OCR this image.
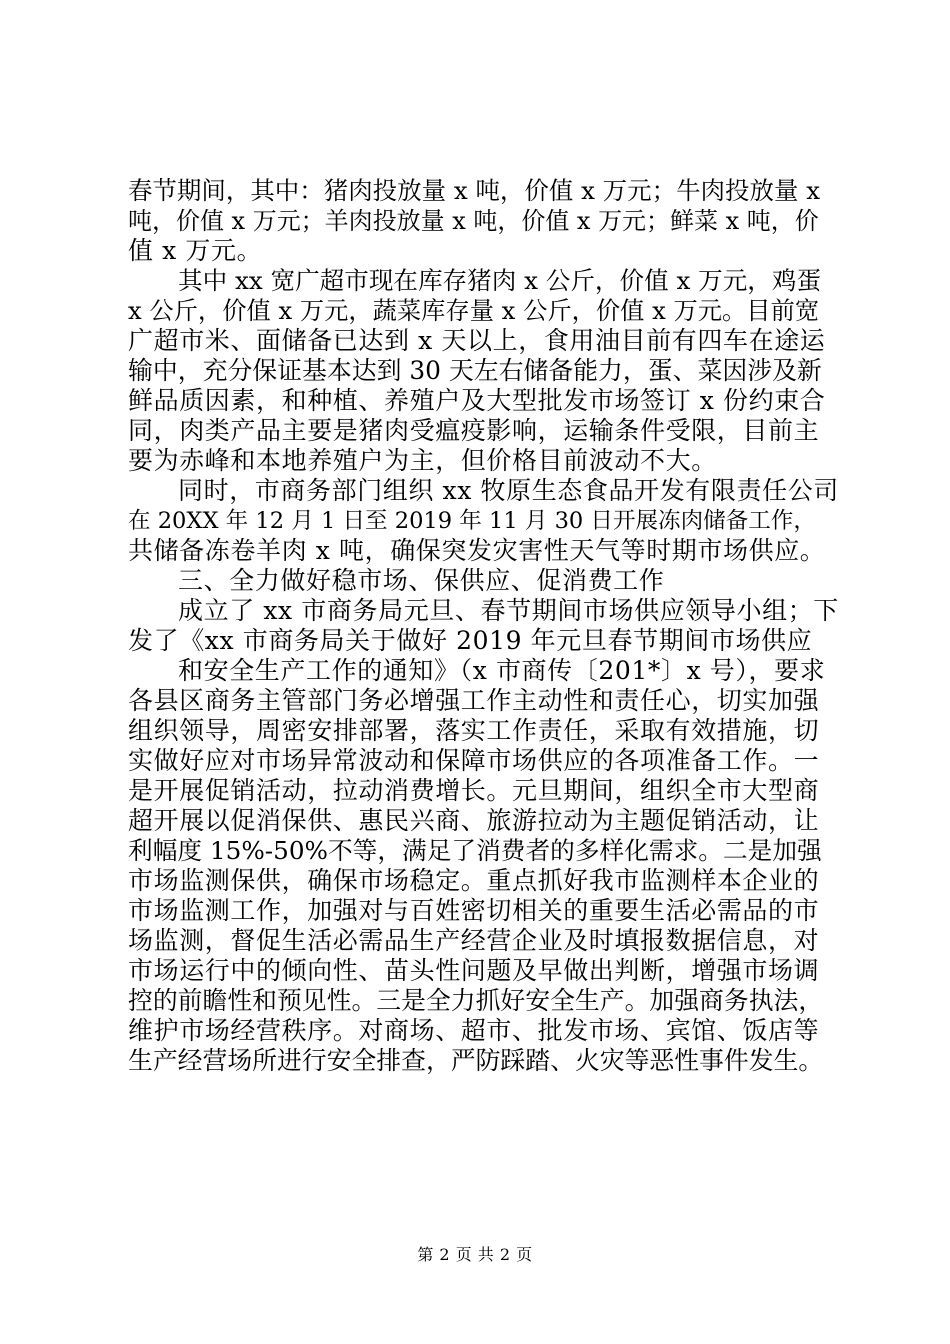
春节期间，其中：猪肉投放量 x 吨，价值 x 万元；牛肉投放量 x
吨，价值 x 万元；羊肉投放量 x 吨，价值 x 万元；鲜菜 x 吨，价
值 x 万元。
其中 xx 宽广超市现在库存猪肉 x 公斤，价值 x 万元，鸡蛋
x 公斤，价值 x 万元，蔬菜库存量 x 公斤，价值 x 万元。目前宽
广超市米、面储备已达到 x 天以上，食用油目前有四车在途运
输中，充分保证基本达到 30 天左右储备能力，蛋、菜因涉及新
鲜品质因素，和种植、养殖户及大型批发市场签订 x 份约束合
同，肉类产品主要是猪肉受瘟疫影响，运输条件受限，目前主
要为赤峰和本地养殖户为主，但价格目前波动不大。
同时，市商务部门组织 xx 牧原生态食品开发有限责任公司
在 20XX 年 12 月 1 日至 2019 年 11 月 30 日开展冻肉储备工作，
共储备冻卷羊肉 x 吨，确保突发灾害性天气等时期市场供应。
三、全力做好稳市场、保供应、促消费工作
成立了 xx 市商务局元旦、春节期间市场供应领导小组；下
发了《xx 市商务局关于做好 2019 年元旦春节期间市场供应
和安全生产工作的通知》（x 市商传〔201*〕x 号），要求
各县区商务主管部门务必增强工作主动性和责任心，切实加强
组织领导，周密安排部署，落实工作责任，采取有效措施，切
实做好应对市场异常波动和保障市场供应的各项准备工作。一
是开展促销活动，拉动消费增长。元旦期间，组织全市大型商
超开展以促消保供、惠民兴商、旅游拉动为主题促销活动，让
利幅度 15%-50%不等，满足了消费者的多样化需求。二是加强
市场监测保供，确保市场稳定。重点抓好我市监测样本企业的
市场监测工作，加强对与百姓密切相关的重要生活必需品的市
场监测，督促生活必需品生产经营企业及时填报数据信息，对
市场运行中的倾向性、苗头性问题及早做出判断，增强市场调
控的前瞻性和预见性。三是全力抓好安全生产。加强商务执法，
维护市场经营秩序。对商场、超市、批发市场、宾馆、饭店等
生产经营场所进行安全排查，严防踩踏、火灾等恶性事件发生。
第 2 页 共 2 页
